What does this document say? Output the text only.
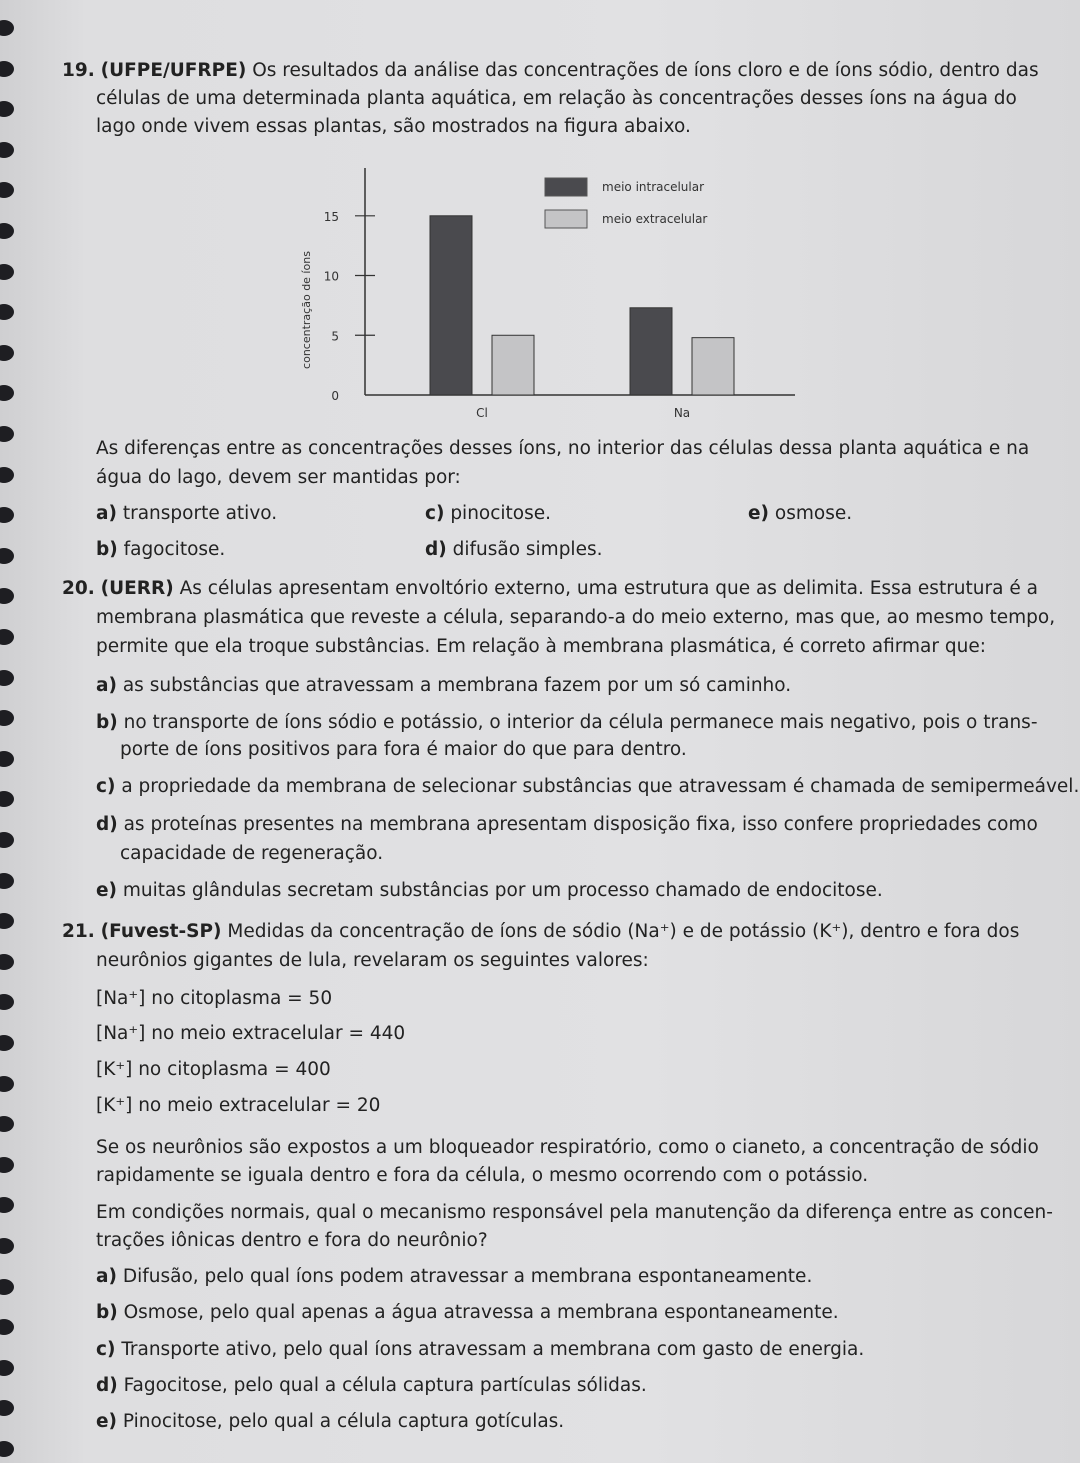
19. (UFPE/UFRPE) Os resultados da análise das concentrações de íons cloro e de íons sódio, dentro das
células de uma determinada planta aquática, em relação às concentrações desses íons na água do
lago onde vivem essas plantas, são mostrados na figura abaixo.
0
5
10
15
concentração de íons
Cl	Na
meio intracelular
meio extracelular
As diferenças entre as concentrações desses íons, no interior das células dessa planta aquática e na
água do lago, devem ser mantidas por:
a) transporte ativo.
b) fagocitose.
c) pinocitose.
d) difusão simples.
e) osmose.
20. (UERR) As células apresentam envoltório externo, uma estrutura que as delimita. Essa estrutura é a
membrana plasmática que reveste a célula, separando-a do meio externo, mas que, ao mesmo tempo,
permite que ela troque substâncias. Em relação à membrana plasmática, é correto afirmar que:
a) as substâncias que atravessam a membrana fazem por um só caminho.
b) no transporte de íons sódio e potássio, o interior da célula permanece mais negativo, pois o trans-
porte de íons positivos para fora é maior do que para dentro.
c) a propriedade da membrana de selecionar substâncias que atravessam é chamada de semipermeável.
d) as proteínas presentes na membrana apresentam disposição fixa, isso confere propriedades como
capacidade de regeneração.
e) muitas glândulas secretam substâncias por um processo chamado de endocitose.
21. (Fuvest-SP) Medidas da concentração de íons de sódio (Na⁺) e de potássio (K⁺), dentro e fora dos
neurônios gigantes de lula, revelaram os seguintes valores:
[Na⁺] no citoplasma = 50
[Na⁺] no meio extracelular = 440
[K⁺] no citoplasma = 400
[K⁺] no meio extracelular = 20
Se os neurônios são expostos a um bloqueador respiratório, como o cianeto, a concentração de sódio
rapidamente se iguala dentro e fora da célula, o mesmo ocorrendo com o potássio.
Em condições normais, qual o mecanismo responsável pela manutenção da diferença entre as concen-
trações iônicas dentro e fora do neurônio?
a) Difusão, pelo qual íons podem atravessar a membrana espontaneamente.
b) Osmose, pelo qual apenas a água atravessa a membrana espontaneamente.
c) Transporte ativo, pelo qual íons atravessam a membrana com gasto de energia.
d) Fagocitose, pelo qual a célula captura partículas sólidas.
e) Pinocitose, pelo qual a célula captura gotículas.
